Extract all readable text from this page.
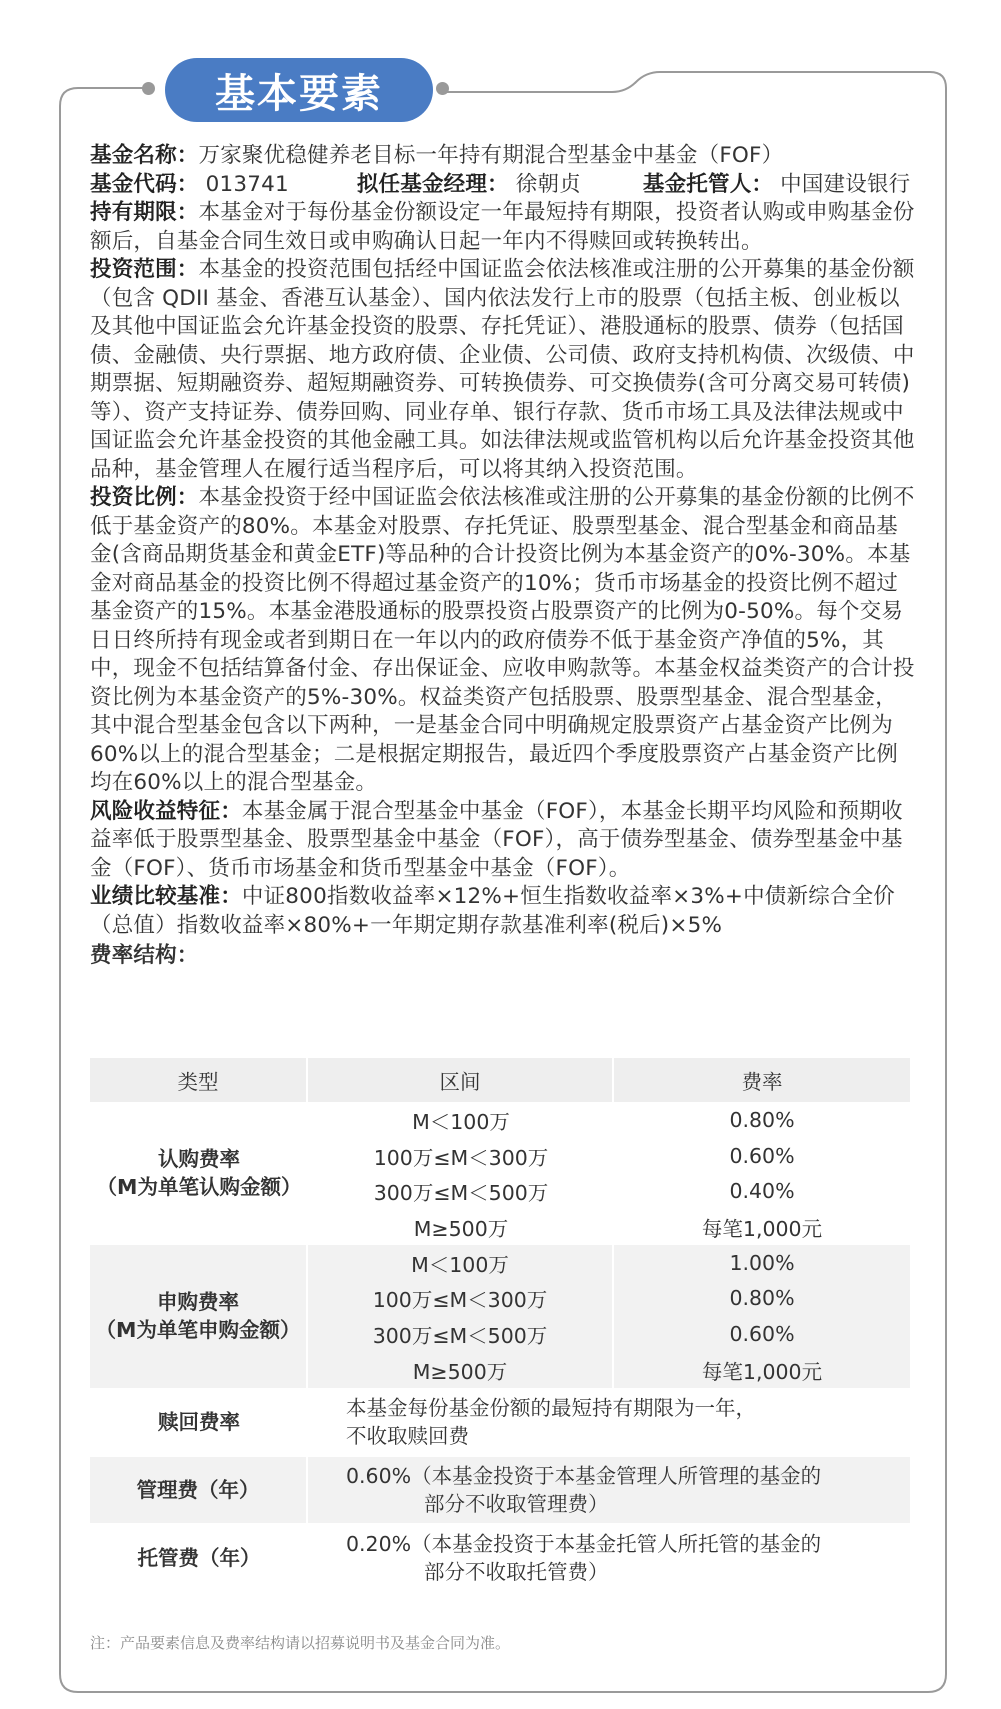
基本要素

基金名称：万家聚优稳健养老目标一年持有期混合型基金中基金（FOF）

基金代码： 013741	拟任基金经理： 徐朝贞	基金托管人： 中国建设银行

持有期限：本基金对于每份基金份额设定一年最短持有期限，投资者认购或申购基金份额后，自基金合同生效日或申购确认日起一年内不得赎回或转换转出。

投资范围：本基金的投资范围包括经中国证监会依法核准或注册的公开募集的基金份额（包含 QDII 基金、香港互认基金）、国内依法发行上市的股票（包括主板、创业板以及其他中国证监会允许基金投资的股票、存托凭证）、港股通标的股票、债券（包括国债、金融债、央行票据、地方政府债、企业债、公司债、政府支持机构债、次级债、中期票据、短期融资券、超短期融资券、可转换债券、可交换债券(含可分离交易可转债)等）、资产支持证券、债券回购、同业存单、银行存款、货币市场工具及法律法规或中国证监会允许基金投资的其他金融工具。如法律法规或监管机构以后允许基金投资其他品种，基金管理人在履行适当程序后，可以将其纳入投资范围。

投资比例：本基金投资于经中国证监会依法核准或注册的公开募集的基金份额的比例不低于基金资产的80%。本基金对股票、存托凭证、股票型基金、混合型基金和商品基金(含商品期货基金和黄金ETF)等品种的合计投资比例为本基金资产的0%-30%。本基金对商品基金的投资比例不得超过基金资产的10%；货币市场基金的投资比例不超过基金资产的15%。本基金港股通标的股票投资占股票资产的比例为0-50%。每个交易日日终所持有现金或者到期日在一年以内的政府债券不低于基金资产净值的5%，其中，现金不包括结算备付金、存出保证金、应收申购款等。本基金权益类资产的合计投资比例为本基金资产的5%-30%。权益类资产包括股票、股票型基金、混合型基金，其中混合型基金包含以下两种，一是基金合同中明确规定股票资产占基金资产比例为60%以上的混合型基金；二是根据定期报告，最近四个季度股票资产占基金资产比例均在60%以上的混合型基金。

风险收益特征：本基金属于混合型基金中基金（FOF），本基金长期平均风险和预期收益率低于股票型基金、股票型基金中基金（FOF），高于债券型基金、债券型基金中基金（FOF）、货币市场基金和货币型基金中基金（FOF）。

业绩比较基准：中证800指数收益率×12%+恒生指数收益率×3%+中债新综合全价（总值）指数收益率×80%+一年期定期存款基准利率(税后)×5%

费率结构：
类型	区间	费率
认购费率
（M为单笔认购金额）	M＜100万	0.80%
	100万≤M＜300万	0.60%
	300万≤M＜500万	0.40%
	M≥500万	每笔1,000元
申购费率
（M为单笔申购金额）	M＜100万	1.00%
	100万≤M＜300万	0.80%
	300万≤M＜500万	0.60%
	M≥500万	每笔1,000元
赎回费率	本基金每份基金份额的最短持有期限为一年，
不收取赎回费	
管理费（年）	0.60%（本基金投资于本基金管理人所管理的基金的
部分不收取管理费）	

托管费（年）	0.20%（本基金投资于本基金托管人所托管的基金的
部分不收取托管费）	
注：产品要素信息及费率结构请以招募说明书及基金合同为准。
